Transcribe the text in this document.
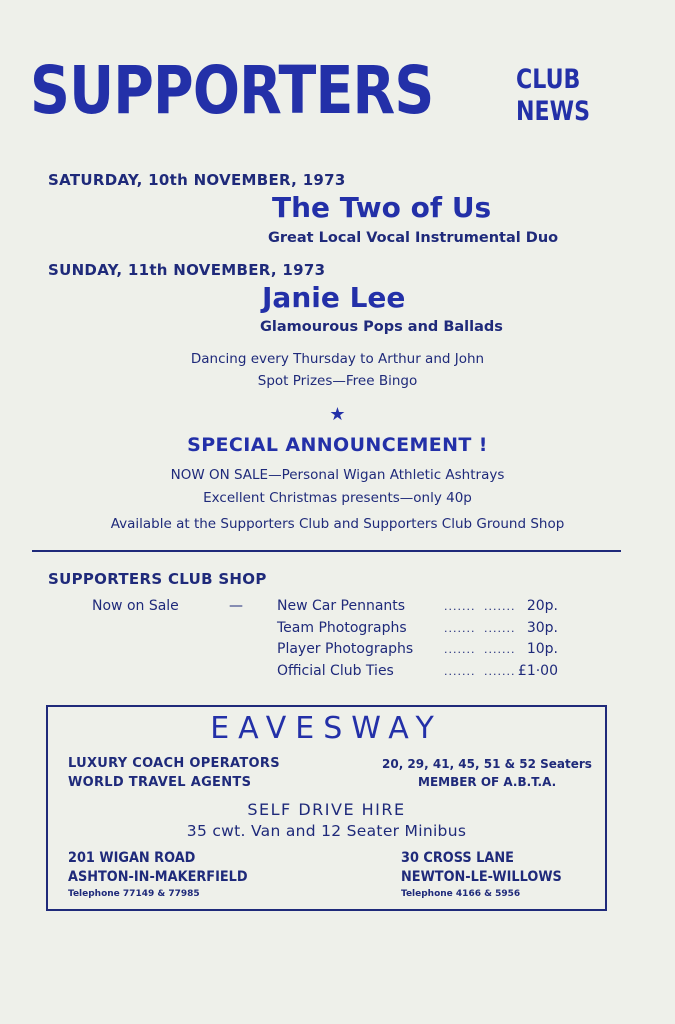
SUPPORTERS	CLUB
NEWS
SATURDAY, 10th NOVEMBER, 1973
The Two of Us
Great Local Vocal Instrumental Duo
SUNDAY, 11th NOVEMBER, 1973
Janie Lee
Glamourous Pops and Ballads
Dancing every Thursday to Arthur and John
Spot Prizes—Free Bingo
★
SPECIAL ANNOUNCEMENT !
NOW ON SALE—Personal Wigan Athletic Ashtrays
Excellent Christmas presents—only 40p
Available at the Supporters Club and Supporters Club Ground Shop
SUPPORTERS CLUB SHOP
Now on Sale	— New Car Pennants	....... ....... 20p.
Team Photographs	....... ....... 30p.
Player Photographs	....... ....... 10p.
Official Club Ties	....... ....... £1·00
EAVESWAY
LUXURY COACH OPERATORS
WORLD TRAVEL AGENTS
20, 29, 41, 45, 51 & 52 Seaters
MEMBER OF A.B.T.A.
SELF DRIVE HIRE
35 cwt. Van and 12 Seater Minibus
201 WIGAN ROAD
ASHTON-IN-MAKERFIELD
Telephone 77149 & 77985
30 CROSS LANE
NEWTON-LE-WILLOWS
Telephone 4166 & 5956
